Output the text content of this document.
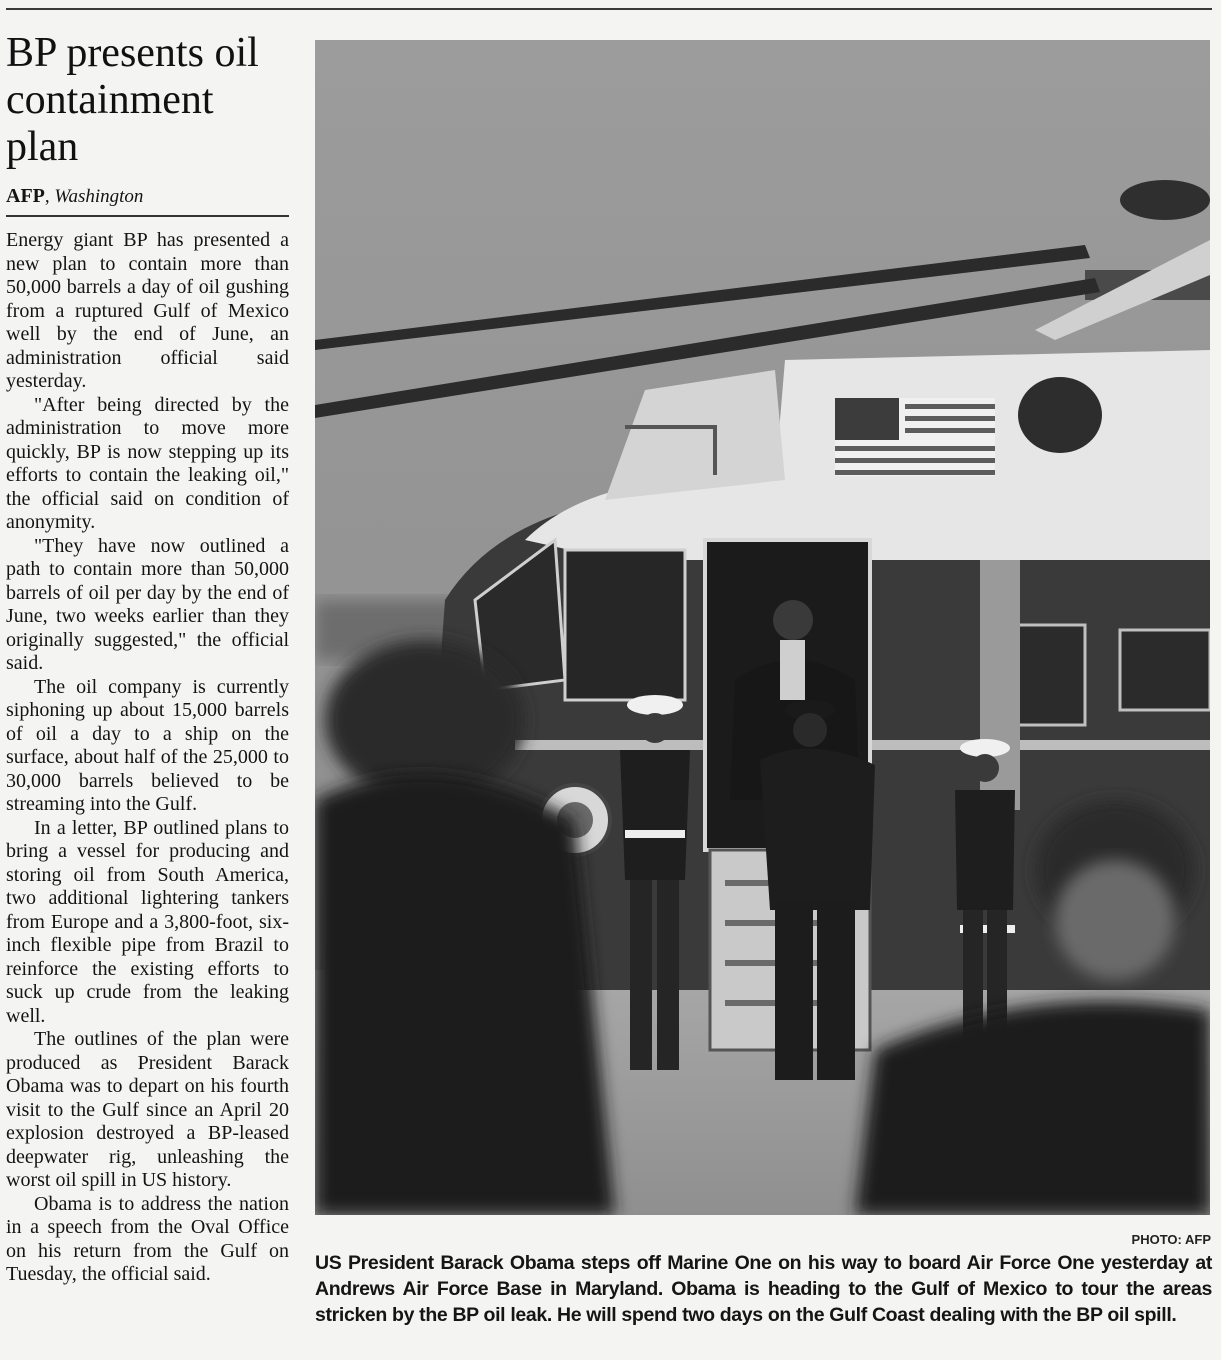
BP presents oil containment plan
AFP, Washington

Energy giant BP has presented a new plan to contain more than 50,000 barrels a day of oil gushing from a ruptured Gulf of Mexico well by the end of June, an administration official said yesterday.

"After being directed by the administration to move more quickly, BP is now stepping up its efforts to contain the leaking oil," the official said on condition of anonymity.

"They have now outlined a path to contain more than 50,000 barrels of oil per day by the end of June, two weeks earlier than they originally suggested," the official said.

The oil company is currently siphoning up about 15,000 barrels of oil a day to a ship on the surface, about half of the 25,000 to 30,000 barrels believed to be streaming into the Gulf.

In a letter, BP outlined plans to bring a vessel for producing and storing oil from South America, two additional lightering tankers from Europe and a 3,800-foot, six-inch flexible pipe from Brazil to reinforce the existing efforts to suck up crude from the leaking well.

The outlines of the plan were produced as President Barack Obama was to depart on his fourth visit to the Gulf since an April 20 explosion destroyed a BP-leased deepwater rig, unleashing the worst oil spill in US history.

Obama is to address the nation in a speech from the Oval Office on his return from the Gulf on Tuesday, the official said.

PHOTO: AFP
US President Barack Obama steps off Marine One on his way to board Air Force One yesterday at Andrews Air Force Base in Maryland. Obama is heading to the Gulf of Mexico to tour the areas stricken by the BP oil leak. He will spend two days on the Gulf Coast dealing with the BP oil spill.
